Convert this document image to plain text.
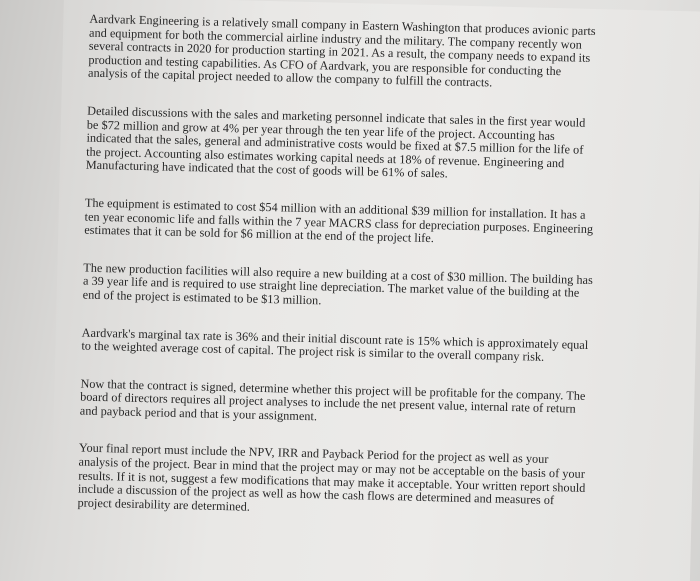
Aardvark Engineering is a relatively small company in Eastern Washington that produces avionic parts and equipment for both the commercial airline industry and the military. The company recently won several contracts in 2020 for production starting in 2021. As a result, the company needs to expand its production and testing capabilities. As CFO of Aardvark, you are responsible for conducting the analysis of the capital project needed to allow the company to fulfill the contracts.

Detailed discussions with the sales and marketing personnel indicate that sales in the first year would be $72 million and grow at 4% per year through the ten year life of the project. Accounting has indicated that the sales, general and administrative costs would be fixed at $7.5 million for the life of the project. Accounting also estimates working capital needs at 18% of revenue. Engineering and Manufacturing have indicated that the cost of goods will be 61% of sales.

The equipment is estimated to cost $54 million with an additional $39 million for installation. It has a ten year economic life and falls within the 7 year MACRS class for depreciation purposes. Engineering estimates that it can be sold for $6 million at the end of the project life.

The new production facilities will also require a new building at a cost of $30 million. The building has a 39 year life and is required to use straight line depreciation. The market value of the building at the end of the project is estimated to be $13 million.

Aardvark's marginal tax rate is 36% and their initial discount rate is 15% which is approximately equal to the weighted average cost of capital. The project risk is similar to the overall company risk.

Now that the contract is signed, determine whether this project will be profitable for the company. The board of directors requires all project analyses to include the net present value, internal rate of return and payback period and that is your assignment.

Your final report must include the NPV, IRR and Payback Period for the project as well as your analysis of the project. Bear in mind that the project may or may not be acceptable on the basis of your results. If it is not, suggest a few modifications that may make it acceptable. Your written report should include a discussion of the project as well as how the cash flows are determined and measures of project desirability are determined.
